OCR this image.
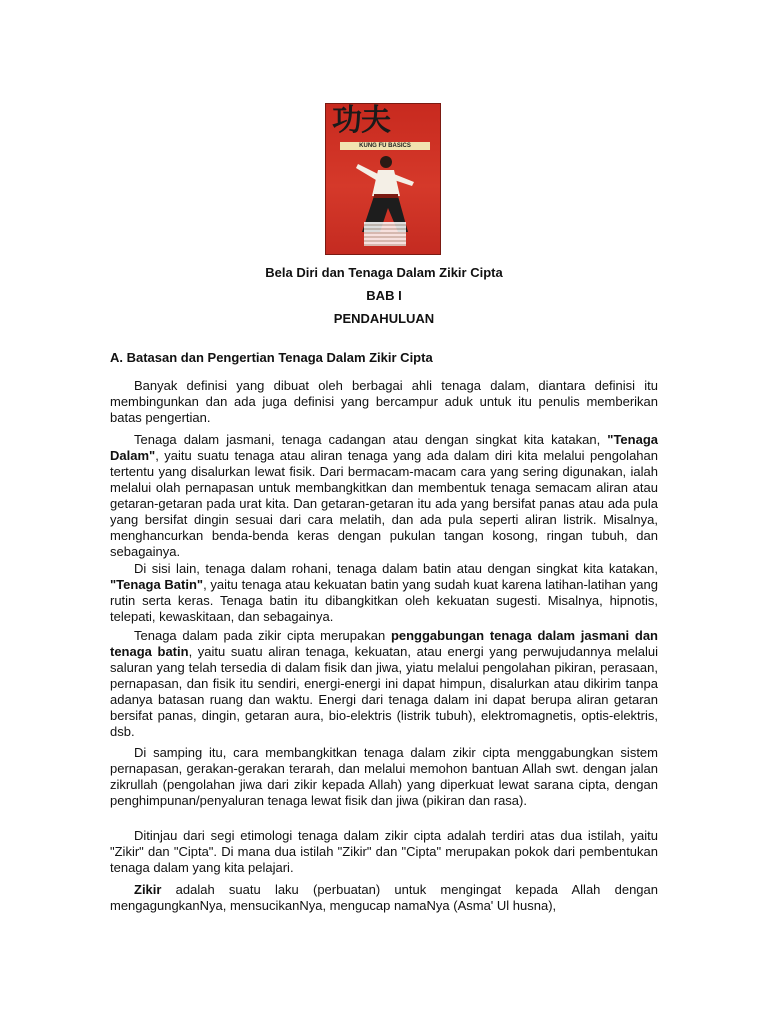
功夫
KUNG FU BASICS
Bela Diri dan Tenaga Dalam Zikir Cipta
BAB I
PENDAHULUAN
A. Batasan dan Pengertian Tenaga Dalam Zikir Cipta

Banyak definisi yang dibuat oleh berbagai ahli tenaga dalam, diantara definisi itu membingunkan dan ada juga definisi yang bercampur aduk untuk itu penulis memberikan batas pengertian.

Tenaga dalam jasmani, tenaga cadangan atau dengan singkat kita katakan, "Tenaga Dalam", yaitu suatu tenaga atau aliran tenaga yang ada dalam diri kita melalui pengolahan tertentu yang disalurkan lewat fisik. Dari bermacam-macam cara yang sering digunakan, ialah melalui olah pernapasan untuk membangkitkan dan membentuk tenaga semacam aliran atau getaran-getaran pada urat kita. Dan getaran-getaran itu ada yang bersifat panas atau ada pula yang bersifat dingin sesuai dari cara melatih, dan ada pula seperti aliran listrik. Misalnya, menghancurkan benda-benda keras dengan pukulan tangan kosong, ringan tubuh, dan sebagainya.

Di sisi lain, tenaga dalam rohani, tenaga dalam batin atau dengan singkat kita katakan, "Tenaga Batin", yaitu tenaga atau kekuatan batin yang sudah kuat karena latihan-latihan yang rutin serta keras. Tenaga batin itu dibangkitkan oleh kekuatan sugesti. Misalnya, hipnotis, telepati, kewaskitaan, dan sebagainya.

Tenaga dalam pada zikir cipta merupakan penggabungan tenaga dalam jasmani dan tenaga batin, yaitu suatu aliran tenaga, kekuatan, atau energi yang perwujudannya melalui saluran yang telah tersedia di dalam fisik dan jiwa, yiatu melalui pengolahan pikiran, perasaan, pernapasan, dan fisik itu sendiri, energi-energi ini dapat himpun, disalurkan atau dikirim tanpa adanya batasan ruang dan waktu. Energi dari tenaga dalam ini dapat berupa aliran getaran bersifat panas, dingin, getaran aura, bio-elektris (listrik tubuh), elektromagnetis, optis-elektris, dsb.

Di samping itu, cara membangkitkan tenaga dalam zikir cipta menggabungkan sistem pernapasan, gerakan-gerakan terarah, dan melalui memohon bantuan Allah swt. dengan jalan zikrullah (pengolahan jiwa dari zikir kepada Allah) yang diperkuat lewat sarana cipta, dengan penghimpunan/penyaluran tenaga lewat fisik dan jiwa (pikiran dan rasa).

Ditinjau dari segi etimologi tenaga dalam zikir cipta adalah terdiri atas dua istilah, yaitu "Zikir" dan "Cipta". Di mana dua istilah "Zikir" dan "Cipta" merupakan pokok dari pembentukan tenaga dalam yang kita pelajari.

Zikir adalah suatu laku (perbuatan) untuk mengingat kepada Allah dengan mengagungkanNya, mensucikanNya, mengucap namaNya (Asma' Ul husna),
